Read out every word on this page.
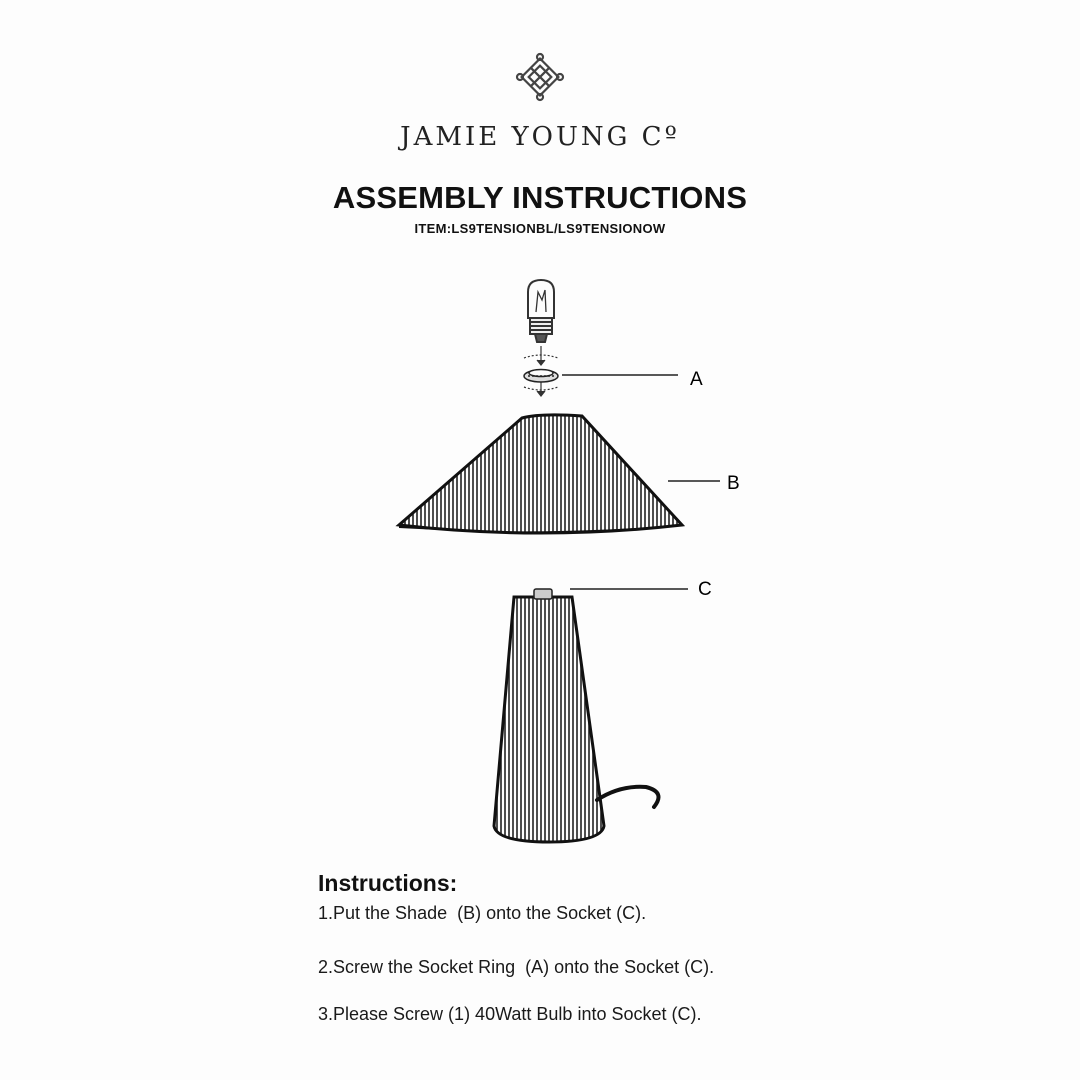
JAMIE YOUNG Cº
ASSEMBLY INSTRUCTIONS
ITEM:LS9TENSIONBL/LS9TENSIONOW
A
B
C
Instructions:
1.Put the Shade  (B) onto the Socket (C).
2.Screw the Socket Ring  (A) onto the Socket (C).
3.Please Screw (1) 40Watt Bulb into Socket (C).
